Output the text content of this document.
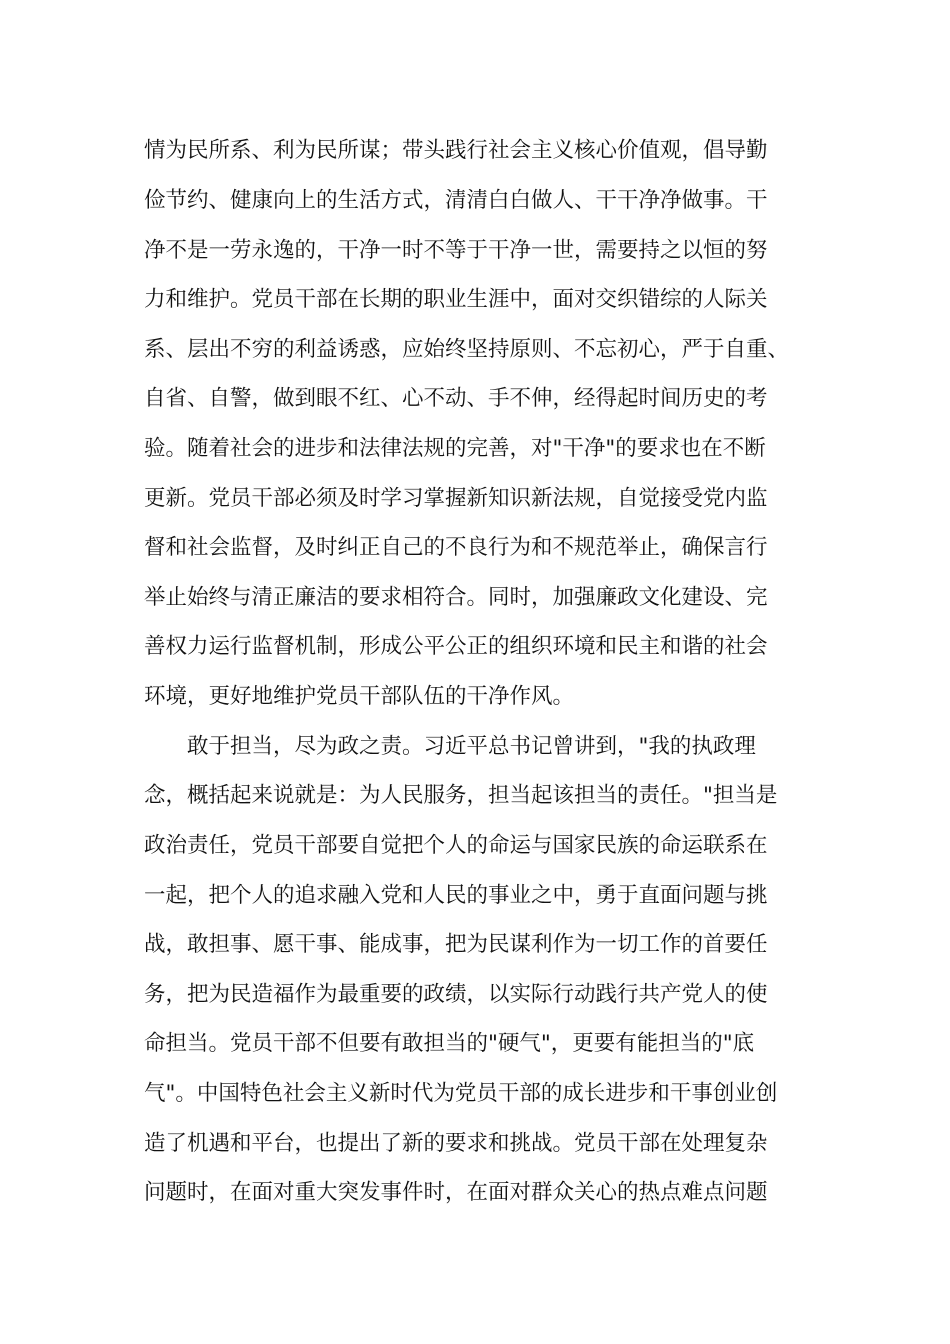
情为民所系、利为民所谋；带头践行社会主义核心价值观，倡导勤
俭节约、健康向上的生活方式，清清白白做人、干干净净做事。干
净不是一劳永逸的，干净一时不等于干净一世，需要持之以恒的努
力和维护。党员干部在长期的职业生涯中，面对交织错综的人际关
系、层出不穷的利益诱惑，应始终坚持原则、不忘初心，严于自重、
自省、自警，做到眼不红、心不动、手不伸，经得起时间历史的考
验。随着社会的进步和法律法规的完善，对"干净"的要求也在不断
更新。党员干部必须及时学习掌握新知识新法规，自觉接受党内监
督和社会监督，及时纠正自己的不良行为和不规范举止，确保言行
举止始终与清正廉洁的要求相符合。同时，加强廉政文化建设、完
善权力运行监督机制，形成公平公正的组织环境和民主和谐的社会
环境，更好地维护党员干部队伍的干净作风。
　　敢于担当，尽为政之责。习近平总书记曾讲到，"我的执政理
念，概括起来说就是：为人民服务，担当起该担当的责任。"担当是
政治责任，党员干部要自觉把个人的命运与国家民族的命运联系在
一起，把个人的追求融入党和人民的事业之中，勇于直面问题与挑
战，敢担事、愿干事、能成事，把为民谋利作为一切工作的首要任
务，把为民造福作为最重要的政绩，以实际行动践行共产党人的使
命担当。党员干部不但要有敢担当的"硬气"，更要有能担当的"底
气"。中国特色社会主义新时代为党员干部的成长进步和干事创业创
造了机遇和平台，也提出了新的要求和挑战。党员干部在处理复杂
问题时，在面对重大突发事件时，在面对群众关心的热点难点问题
